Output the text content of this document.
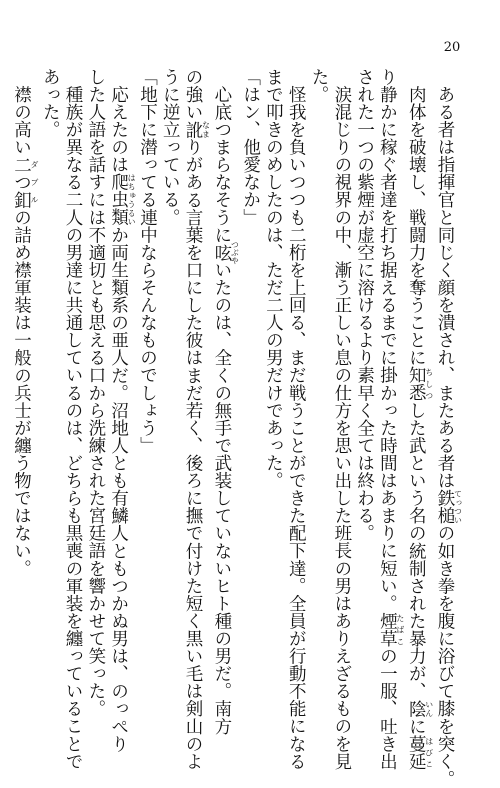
20
　ある者は指揮官と同じく顔を潰され、またある者は鉄槌てっついの如き拳を腹に浴びて膝を突く。
　肉体を破壊し、戦闘力を奪うことに知悉ちしつした武という名の統制された暴力が、陰いんに蔓延はびこ
り静かに稼ぐ者達を打ち据えるまでに掛かった時間はあまりに短い。煙草たばこの一服、吐き出
された一つの紫煙が虚空に溶けるより素早く全ては終わる。
　涙混じりの視界の中、漸う正しい息の仕方を思い出した班長の男はありえざるものを見
た。
　怪我を負いつつも二桁を上回る、まだ戦うことができた配下達。全員が行動不能になる
まで叩きのめしたのは、ただ二人の男だけであった。
「はン、他愛なか」
　心底つまらなそうに呟つぶやいたのは、全くの無手で武装していないヒト種の男だ。南方
の強い訛なまりがある言葉を口にした彼はまだ若く、後ろに撫で付けた短く黒い毛は剣山のよ
うに逆立っている。
「地下に潜ってる連中ならそんなものでしょう」
　応えたのは爬虫類はちゅうるいか両生類系の亜人だ。沼地人とも有鱗人ともつかぬ男は、のっぺり
した人語を話すには不適切とも思える口から洗練された宮廷語を響かせて笑った。
　種族が異なる二人の男達に共通しているのは、どちらも黒喪の軍装を纏っていることで
あった。
　襟の高い二つ釦ダブルの詰め襟軍装は一般の兵士が纏う物ではない。
